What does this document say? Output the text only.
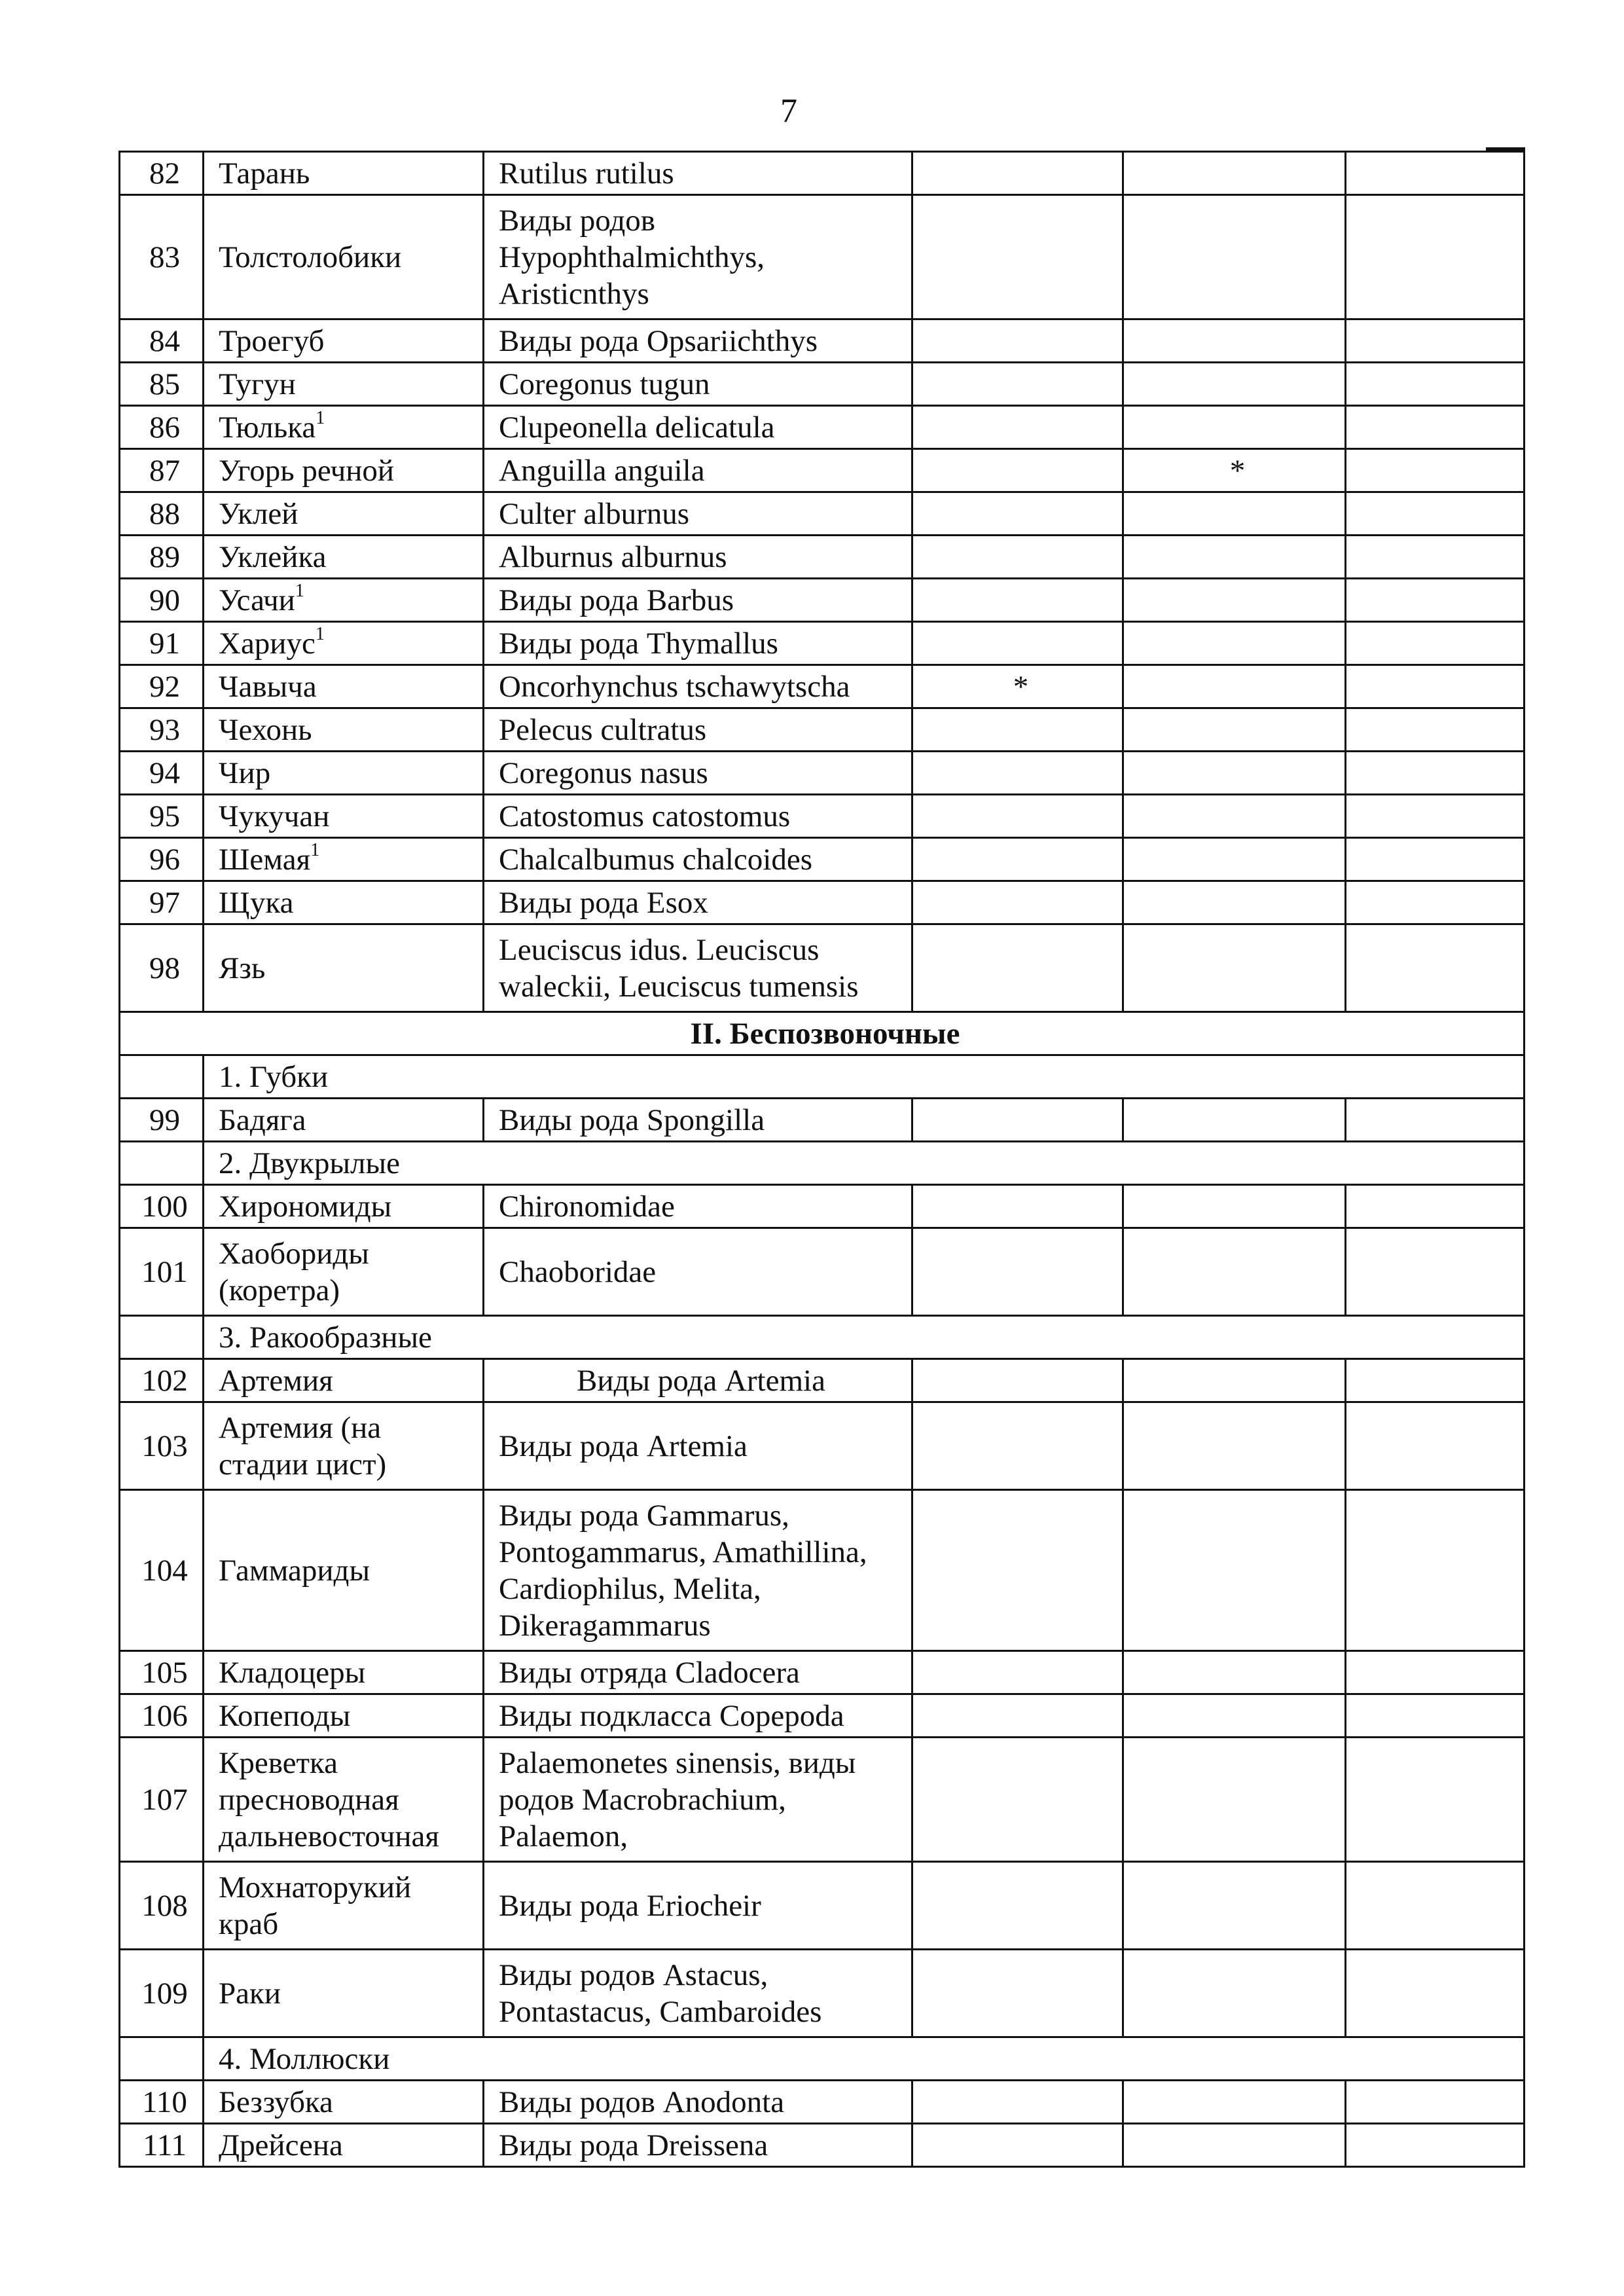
7
82	Тарань	Rutilus rutilus			

83	Толстолобики	Виды родов
Hypophthalmichthys,
Aristicnthys			

84	Троегуб	Виды рода Opsariichthys			

85	Тугун	Coregonus tugun			

86	Тюлька$^1$	Clupeonella delicatula			

87	Угорь речной	Anguilla anguila		*	
88	Уклей	Culter alburnus			

89	Уклейка	Alburnus alburnus			

90	Усачи$^1$	Виды рода Barbus			

91	Хариус$^1$	Виды рода Thymallus			

92	Чавыча	Oncorhynchus tschawytscha	*		
93	Чехонь	Pelecus cultratus			

94	Чир	Coregonus nasus			

95	Чукучан	Catostomus catostomus			

96	Шемая$^1$	Chalcalbumus chalcoides			

97	Щука	Виды рода Esox			

98	Язь	Leuciscus idus. Leuciscus
waleckii, Leuciscus tumensis			

II. Беспозвоночные					
	1. Губки				
99	Бадяга	Виды рода Spongilla			

	2. Двукрылые				
100	Хирономиды	Chironomidae			

101	Хаобориды
(коретра)	Chaoboridae			

	3. Ракообразные				
102	Артемия	Виды рода Artemia			

103	Артемия (на
стадии цист)	Виды рода Artemia			

104	Гаммариды	Виды рода Gammarus,
Pontogammarus, Amathillina,
Cardiophilus, Melita,
Dikeragammarus			

105	Кладоцеры	Виды отряда Cladocera			

106	Копеподы	Виды подкласса Copepoda			

107	Креветка
пресноводная
дальневосточная	Palaemonetes sinensis, виды
родов Macrobrachium,
Palaemon,			

108	Мохнаторукий
краб	Виды рода Eriocheir			

109	Раки	Виды родов Astacus,
Pontastacus, Cambaroides			

	4. Моллюски				
110	Беззубка	Виды родов Anodonta			

111	Дрейсена	Виды рода Dreissena			
